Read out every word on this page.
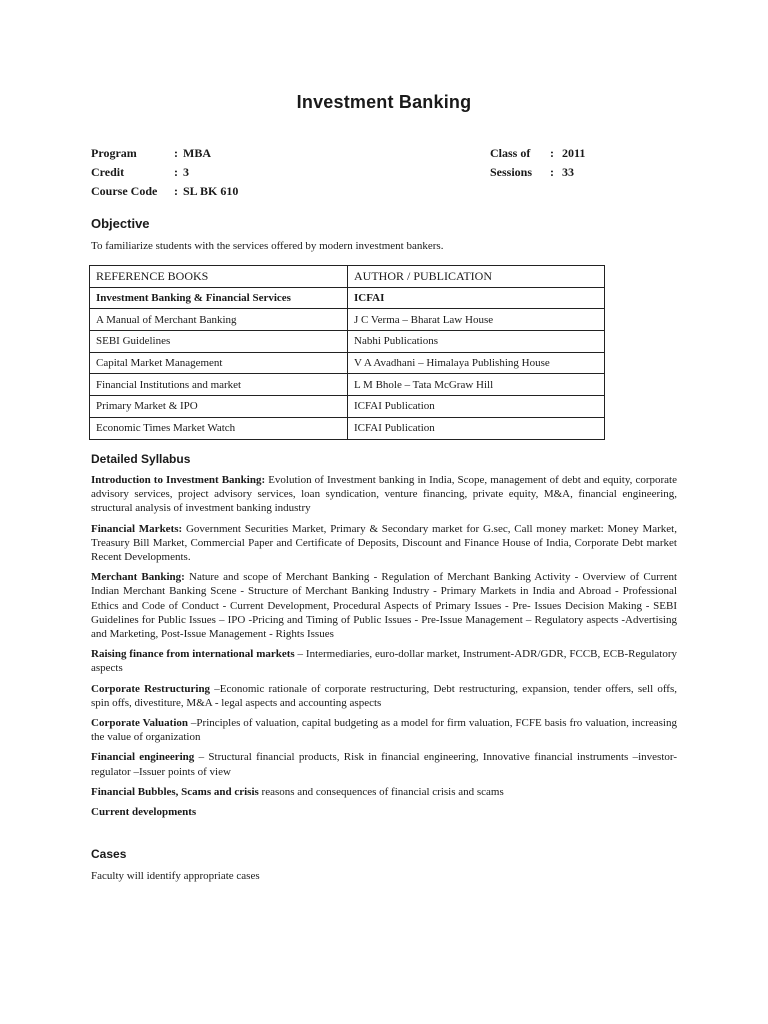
Investment Banking
Program	: MBA
Credit	: 3
Course Code	: SL BK 610
Class of	: 2011
Sessions	: 33
Objective
To familiarize students with the services offered by modern investment bankers.
REFERENCE BOOKS	AUTHOR / PUBLICATION
Investment Banking & Financial Services	ICFAI
A Manual of Merchant Banking	J C Verma – Bharat Law House
SEBI Guidelines	Nabhi Publications
Capital Market Management	V A Avadhani – Himalaya Publishing House
Financial Institutions and market	L M Bhole – Tata McGraw Hill
Primary Market & IPO	ICFAI Publication
Economic Times Market Watch	ICFAI Publication
Detailed Syllabus

Introduction to Investment Banking: Evolution of Investment banking in India, Scope, management of debt and equity, corporate advisory services, project advisory services, loan syndication, venture financing, private equity, M&A, financial engineering, structural analysis of investment banking industry

Financial Markets: Government Securities Market, Primary & Secondary market for G.sec, Call money market: Money Market, Treasury Bill Market, Commercial Paper and Certificate of Deposits, Discount and Finance House of India, Corporate Debt market Recent Developments.

Merchant Banking: Nature and scope of Merchant Banking - Regulation of Merchant Banking Activity - Overview of Current Indian Merchant Banking Scene - Structure of Merchant Banking Industry - Primary Markets in India and Abroad - Professional Ethics and Code of Conduct - Current Development, Procedural Aspects of Primary Issues - Pre- Issues Decision Making - SEBI Guidelines for Public Issues – IPO -Pricing and Timing of Public Issues - Pre-Issue Management – Regulatory aspects -Advertising and Marketing, Post-Issue Management - Rights Issues

Raising finance from international markets – Intermediaries, euro-dollar market, Instrument-ADR/GDR, FCCB, ECB-Regulatory aspects

Corporate Restructuring –Economic rationale of corporate restructuring, Debt restructuring, expansion, tender offers, sell offs, spin offs, divestiture, M&A - legal aspects and accounting aspects

Corporate Valuation –Principles of valuation, capital budgeting as a model for firm valuation, FCFE basis fro valuation, increasing the value of organization

Financial engineering – Structural financial products, Risk in financial engineering, Innovative financial instruments –investor-regulator –Issuer points of view

Financial Bubbles, Scams and crisis reasons and consequences of financial crisis and scams

Current developments

Cases
Faculty will identify appropriate cases
